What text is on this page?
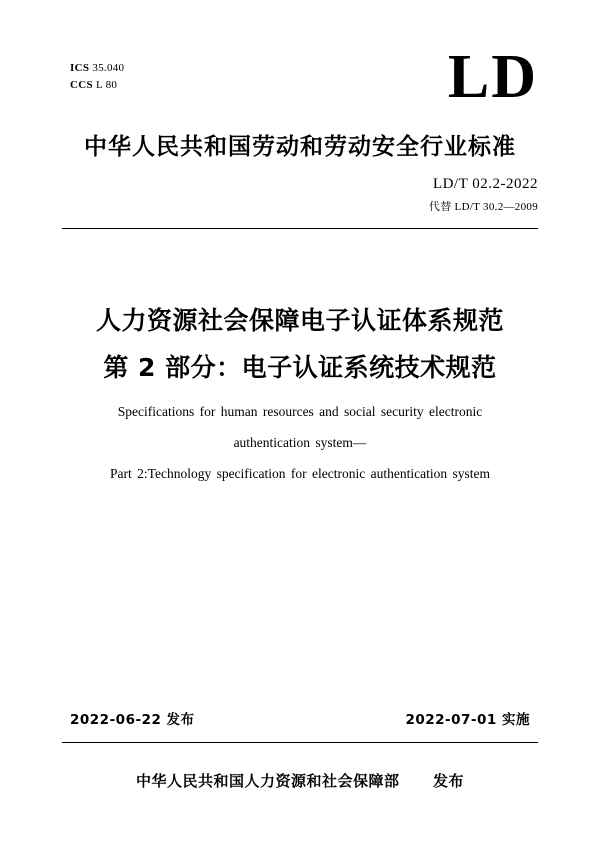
ICS 35.040
CCS L 80	LD
中华人民共和国劳动和劳动安全行业标准
LD/T 02.2-2022
代替 LD/T 30.2—2009
人力资源社会保障电子认证体系规范
第 2 部分：电子认证系统技术规范
Specifications for human resources and social security electronic
authentication system—
Part 2:Technology specification for electronic authentication system
2022-06-22 发布	2022-07-01 实施
中华人民共和国人力资源和社会保障部 发布
